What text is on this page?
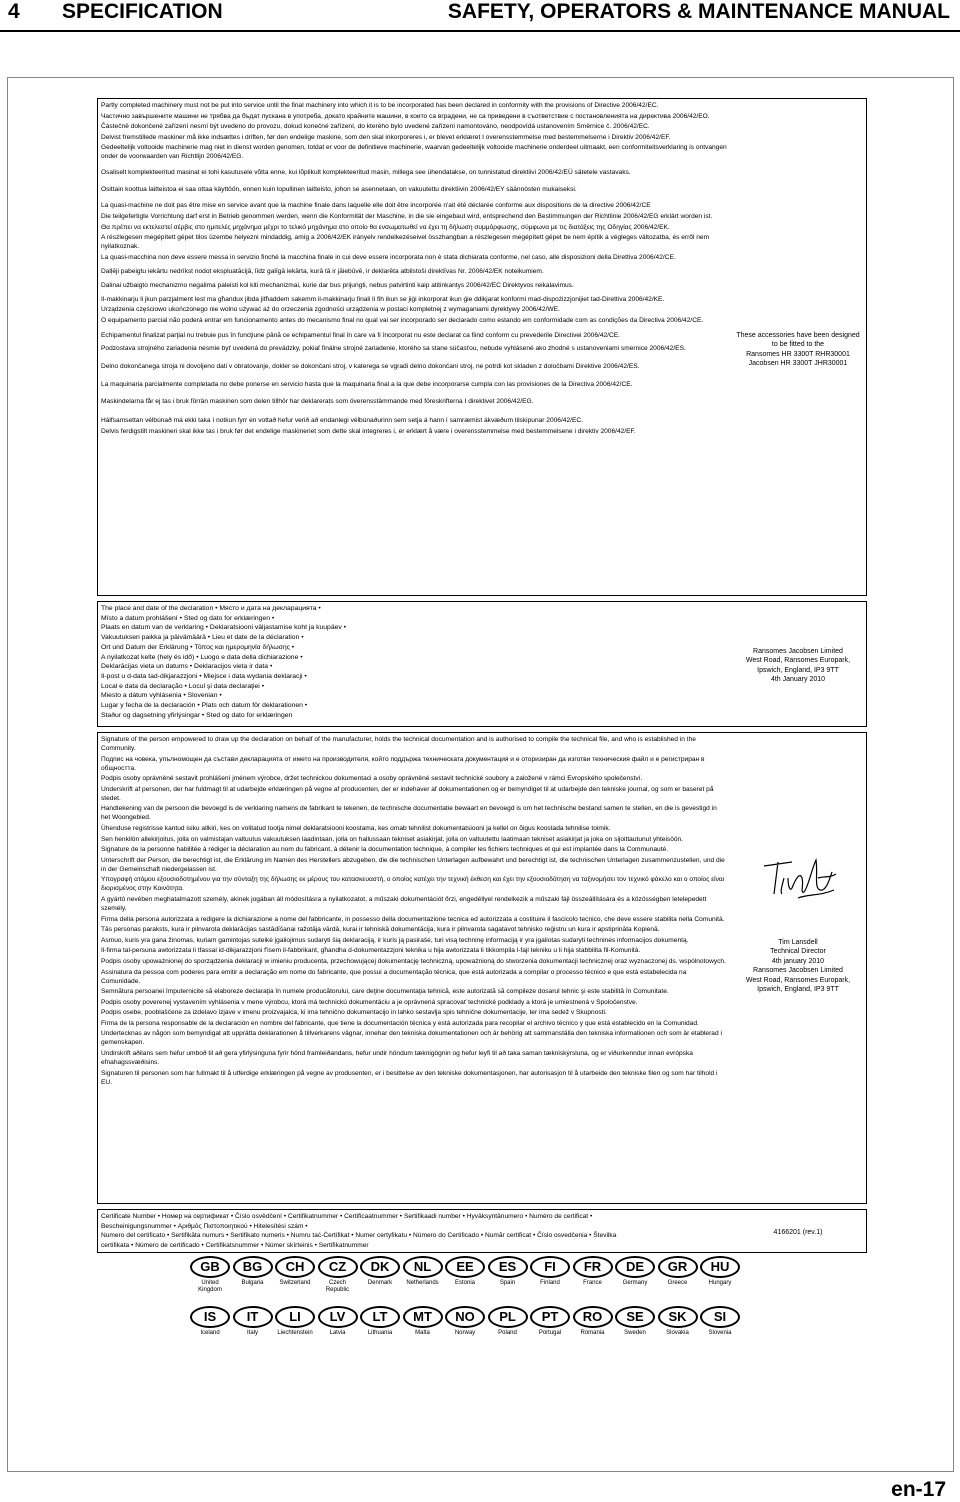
4 SPECIFICATION	SAFETY, OPERATORS & MAINTENANCE MANUAL

Partly completed machinery must not be put into service until the final machinery into which it is to be incorporated has been declared in conformity with the provisions of Directive 2006/42/EC.

Частично завършените машини не трябва да бъдат пускана в употреба, докато крайните машини, в които са вградени, не са приведени в съответствие с постановленията на директива 2006/42/EO.

Částečně dokončené zařízení nesmí být uvedeno do provozu, dokud konečné zařízení, do kterého bylo uvedené zařízení namontováno, neodpovídá ustanovením Směrnice č. 2006/42/EC.

Delvist fremstillede maskiner må ikke indsættes i driften, før den endelige maskine, som den skal inkorporeres i, er blevet erklæret I overensstemmelse med bestemmelserne i Direktiv 2006/42/EF.

Gedeeltelijk voltooide machinerie mag niet in dienst worden genomen, totdat er voor de definitieve machinerie, waarvan gedeeltelijk voltooide machinerie onderdeel uitmaakt, een conformiteitsverklaring is ontvangen onder de voorwaarden van Richtlijn 2006/42/EG.

Osaliselt komplekteeritud masinat ei tohi kasutusele võtta enne, kui lõplikult komplekteeritud masin, millega see ühendatakse, on tunnistatud direktiivi 2006/42/EÜ sätetele vastavaks.

Osittain koottua laitteistoa ei saa ottaa käyttöön, ennen kuin lopullinen laitteisto, johon se asennetaan, on vakuutettu direktiivin 2006/42/EY säännösten mukaiseksi.

La quasi-machine ne doit pas être mise en service avant que la machine finale dans laquelle elle doit être incorporée n'ait été déclarée conforme aux dispositions de la directive 2006/42/CE

Die teilgefertigte Vorrichtung darf erst in Betrieb genommen werden, wenn die Konformität der Maschine, in die sie eingebaut wird, entsprechend den Bestimmungen der Richtlinie 2006/42/EG erklärt worden ist.

Θα πρέπει να εκτελεστεί σέρβις στο ημιτελές μηχάνημα μέχρι το τελικό μηχάνημα στο οποίο θα ενσωματωθεί να έχει τη δήλωση συμμόρφωσης, σύμφωνα με τις διατάξεις της Οδηγίας 2006/42/ΕΚ.

A részlegesen megépített gépet tilos üzembe helyezni mindaddig, amíg a 2006/42/EK irányelv rendelkezéseivel összhangban a részlegesen megépített gépet be nem építik a végleges változatba, és erről nem nyilatkoznak.

La quasi-macchina non deve essere messa in servizio finché la macchina finale in cui deve essere incorporata non è stata dichiarata conforme, nel caso, alle disposizioni della Direttiva 2006/42/CE.

Dalļēji pabeigtu iekārtu nedrīkst nodot ekspluatācijā, līdz galīgā iekārta, kurā tā ir jāiebūvē, ir deklarēta atbilstoši direktīvas Nr. 2006/42/EK noteikumiem.

Dalinai užbaigto mechanizmo negalima paleisti kol kiti mechanizmai, kurie dar bus prijungti, nebus patvirtinti kaip atitinkantys 2006/42/EC Direktyvos reikalavimus.

Il-makkinarju li jkun parzjalment lest ma għandux jibda jitħaddem sakemm il-makkinarju finali li fih ikun se jiġi inkorporat ikun ġie ddikjarat konformi mad-dispożizzjonijiet tad-Direttiva 2006/42/KE.

Urządzenia częściowo ukończonego nie wolno używać aż do orzeczenia zgodności urządzenia w postaci kompletnej z wymaganiami dyrektywy 2006/42/WE.

O equipamento parcial não poderá entrar em funcionamento antes do mecanismo final no qual vai ser incorporado ser declarado como estando em conformidade com as condições da Directiva 2006/42/CE.

Echipamentul finalizat parţial nu trebuie pus în funcţiune până ce echipamentul final în care va fi încorporat nu este declarat ca fiind conform cu prevederile Directivei 2006/42/CE.

Podzostava strojného zariadenia nesmie byť uvedená do prevádzky, pokiaľ finálne strojné zariadenie, ktorého sa stane súčasťou, nebude vyhlásené ako zhodné s ustanoveniami smernice 2006/42/ES.

Delno dokončanega stroja ni dovoljeno dati v obratovanje, dokler se dokončani stroj, v katerega se vgradi delno dokončani stroj, ne potrdi kot skladen z določbami Direktive 2006/42/ES.

La maquinaria parcialmente completada no debe ponerse en servicio hasta que la maquinaria final a la que debe incorporarse cumpla con las provisiones de la Directiva 2006/42/CE.

Maskindelarna får ej tas i bruk förrän maskinen som delen tillhör har deklarerats som överensstämmande med föreskrifterna I direktivet 2006/42/EG.

Hálfsamsettan vélbúnað má ekki taka í notkun fyrr en vottað hefur verið að endanlegi vélbúnaðurinn sem setja á hann í samræmist ákvæðum tilskipunar 2006/42/EC.

Delvis ferdigstilt maskineri skal ikke tas i bruk før det endelige maskineriet som dette skal integreres i, er erklært å være i overensstemmelse med bestemmelsene i direktiv 2006/42/EF.

These accessories have been designed
to be fitted to the
Ransomes HR 3300T RHR30001
Jacobsen HR 3300T JHR30001
The place and date of the declaration • Място и дата на декларацията •
Místo a datum prohlášení • Sted og dato for erklæringen •
Plaats en datum van de verklaring • Deklaratsiooni väljastamise koht ja kuupäev •
Vakuutuksen paikka ja päivämäärä • Lieu et date de la déclaration •
Ort und Datum der Erklärung • Τόπος και ημερομηνία δήλωσης •
A nyilatkozat kelte (hely és idő) • Luogo e data della dichiarazione •
Deklarācijas vieta un datums • Deklaracijos vieta ir data •
Il-post u d-data tad-dikjarazzjoni • Miejsce i data wydania deklaracji •
Local e data da declaração • Locul şi data declaraţiei •
Miesto a dátum vyhlásenia • Slovenian •
Lugar y fecha de la declaración • Plats och datum för deklarationen •
Staður og dagsetning yfirlýsingar • Sted og dato for erklæringen
Ransomes Jacobsen Limited
West Road, Ransomes Europark,
Ipswich, England, IP3 9TT
4th January 2010

Signature of the person empowered to draw up the declaration on behalf of the manufacturer, holds the technical documentation and is authorised to compile the technical file, and who is established in the Community.

Подпис на човека, упълномощен да състави декларацията от името на производителя, който поддържа техническата документация и е оторизиран да изготви техническия файл и е регистриран в общността.

Podpis osoby oprávněné sestavit prohlášení jménem výrobce, držet technickou dokumentaci a osoby oprávněné sestavit technické soubory a založené v rámci Evropského společenství.

Underskrift af personen, der har fuldmagt til at udarbejde erklæringen på vegne af producenten, der er indehaver af dokumentationen og er bemyndiget til at udarbejde den tekniske journal, og som er baseret på stedet.

Handtekening van de persoon die bevoegd is de verklaring namens de fabrikant te tekenen, de technische documentatie bewaart en bevoegd is om het technische bestand samen te stellen, en die is gevestigd in het Woongebied.

Ühenduse registrisse kantud isiku allkiri, kes on volitatud tootja nimel deklaratsiooni koostama, kes omab tehnilist dokumentatsiooni ja kellel on õigus koostada tehnilise toimik.

Sen henkilön allekirjoitus, jolla on valmistajan valtuutus vakuutuksen laadintaan, jolla on hallussaan tekniset asiakirjat, jolla on valtuutettu laatimaan tekniset asiakirjat ja joka on sijoittautunut yhteisöön.

Signature de la personne habilitée à rédiger la déclaration au nom du fabricant, à détenir la documentation technique, à compiler les fichiers techniques et qui est implantée dans la Communauté.

Unterschrift der Person, die berechtigt ist, die Erklärung im Namen des Herstellers abzugeben, die die technischen Unterlagen aufbewahrt und berechtigt ist, die technischen Unterlagen zusammenzustellen, und die in der Gemeinschaft niedergelassen ist.

Υπογραφή ατόμου εξουσιοδοτημένου για την σύνταξη της δήλωσης εκ μέρους του κατασκευαστή, ο οποίος κατέχει την τεχνική έκθεση και έχει την εξουσιοδότηση να ταξινομήσει τον τεχνικό φάκελο και ο οποίος είναι διορισμένος στην Κοινότητα.

A gyártó nevében meghatalmazott személy, akinek jogában áll módosításra a nyilatkozatot, a műszaki dokumentációt őrzi, engedéllyel rendelkezik a műszaki fájl összeállítására és a közösségben letelepedett személy.

Firma della persona autorizzata a redigere la dichiarazione a nome del fabbricante, in possesso della documentazione tecnica ed autorizzata a costituire il fascicolo tecnico, che deve essere stabilita nella Comunità.

Tās personas paraksts, kura ir pilnvarota deklarācijas sastādīšanai ražotāja vārdā, kurai ir tehniskā dokumentācija, kura ir pilnvarota sagatavot tehnisko reģistru un kura ir apstiprināta Kopienā.

Asmuo, kuris yra gana žinomas, kuriam gamintojas suteikė įgaliojimus sudaryti šią deklaraciją, ir kuris ją pasirašė, turi visą techninę informaciją ir yra įgaliotas sudaryti techninės informacijos dokumentą.

Il-firma tal-persuna awtorizzata li tfassal id-dikjarazzjoni f'isem il-fabbrikant, għandha d-dokumentazzjoni teknika u hija awtorizzata li tikkompila l-fajl tekniku u li hija stabbilita fil-Komunità.

Podpis osoby upoważnionej do sporządzenia deklaracji w imieniu producenta, przechowującej dokumentację techniczną, upoważnioną do stworzenia dokumentacji technicznej oraz wyznaczonej ds. wspólnotowych.

Assinatura da pessoa com poderes para emitir a declaração em nome do fabricante, que possui a documentação técnica, que está autorizada a compilar o processo técnico e que está estabelecida na Comunidade.

Semnătura persoanei împuternicite să elaboreze declaraţia în numele producătorului, care deţine documentaţia tehnică, este autorizată să compileze dosarul tehnic şi este stabilită în Comunitate.

Podpis osoby poverenej vystavením vyhlásenia v mene výrobcu, ktorá má technickú dokumentáciu a je oprávnená spracovať technické podklady a ktorá je umiestnená v Spoločenstve.

Podpis osebe, pooblaščene za izdelavo izjave v imenu proizvajalca, ki ima tehnično dokumentacijo in lahko sestavlja spis tehnične dokumentacije, ter ima sedež v Skupnosti.

Firma de la persona responsable de la declaración en nombre del fabricante, que tiene la documentación técnica y está autorizada para recopilar el archivo técnico y que está establecido en la Comunidad.

Undertecknas av någon som bemyndigat att upprätta deklarationen å tillverkarens vägnar, innehar den tekniska dokumentationen och är behörig att sammanställa den tekniska informationen och som är etablerad i gemenskapen.

Undirskrift aðilans sem hefur umboð til að gera yfirlýsinguna fyrir hönd framleiðandans, hefur undir höndum tæknigögnin og hefur leyfi til að taka saman tækniskýrsluna, og er viðurkenndur innan evrópska efnahagssvæðisins.

Signaturen til personen som har fullmakt til å utferdige erklæringen på vegne av produsenten, er i besittelse av den tekniske dokumentasjonen, har autorisasjon til å utarbeide den tekniske filen og som har tilhold i EU.

Tim Lansdell
Technical Director
4th january 2010
Ransomes Jacobsen Limited
West Road, Ransomes Europark,
Ipswich, England, IP3 9TT
Certificate Number • Номер на сертификат • Číslo osvědčení • Certifikatnummer • Certificaatnummer • Sertifikaadi number • Hyväksyntänumero • Numéro de certificat •
Bescheinigungsnummer • Αριθμός Πιστοποιητικού • Hitelesítési szám •
Numero del certificato • Sertifikāta numurs • Sertifikato numeris • Numru taċ-Ċertifikat • Numer certyfikatu • Número do Certificado • Număr certificat • Číslo osvedčenia • Številka
certifikata • Número de certificado • Certifikatsnummer • Númer skírteinis • Sertifikatnummer
4166201 (rev.1)
GB
United Kingdom
BG
Bulgaria
CH
Switzerland
CZ
Czech Republic
DK
Denmark
NL
Netherlands
EE
Estonia
ES
Spain
FI
Finland
FR
France
DE
Germany
GR
Greece
HU
Hungary
IS
Iceland
IT
Italy
LI
Liechtenstein
LV
Latvia
LT
Lithuania
MT
Malta
NO
Norway
PL
Poland
PT
Portugal
RO
Romania
SE
Sweden
SK
Slovakia
SI
Slovenia
en-17
